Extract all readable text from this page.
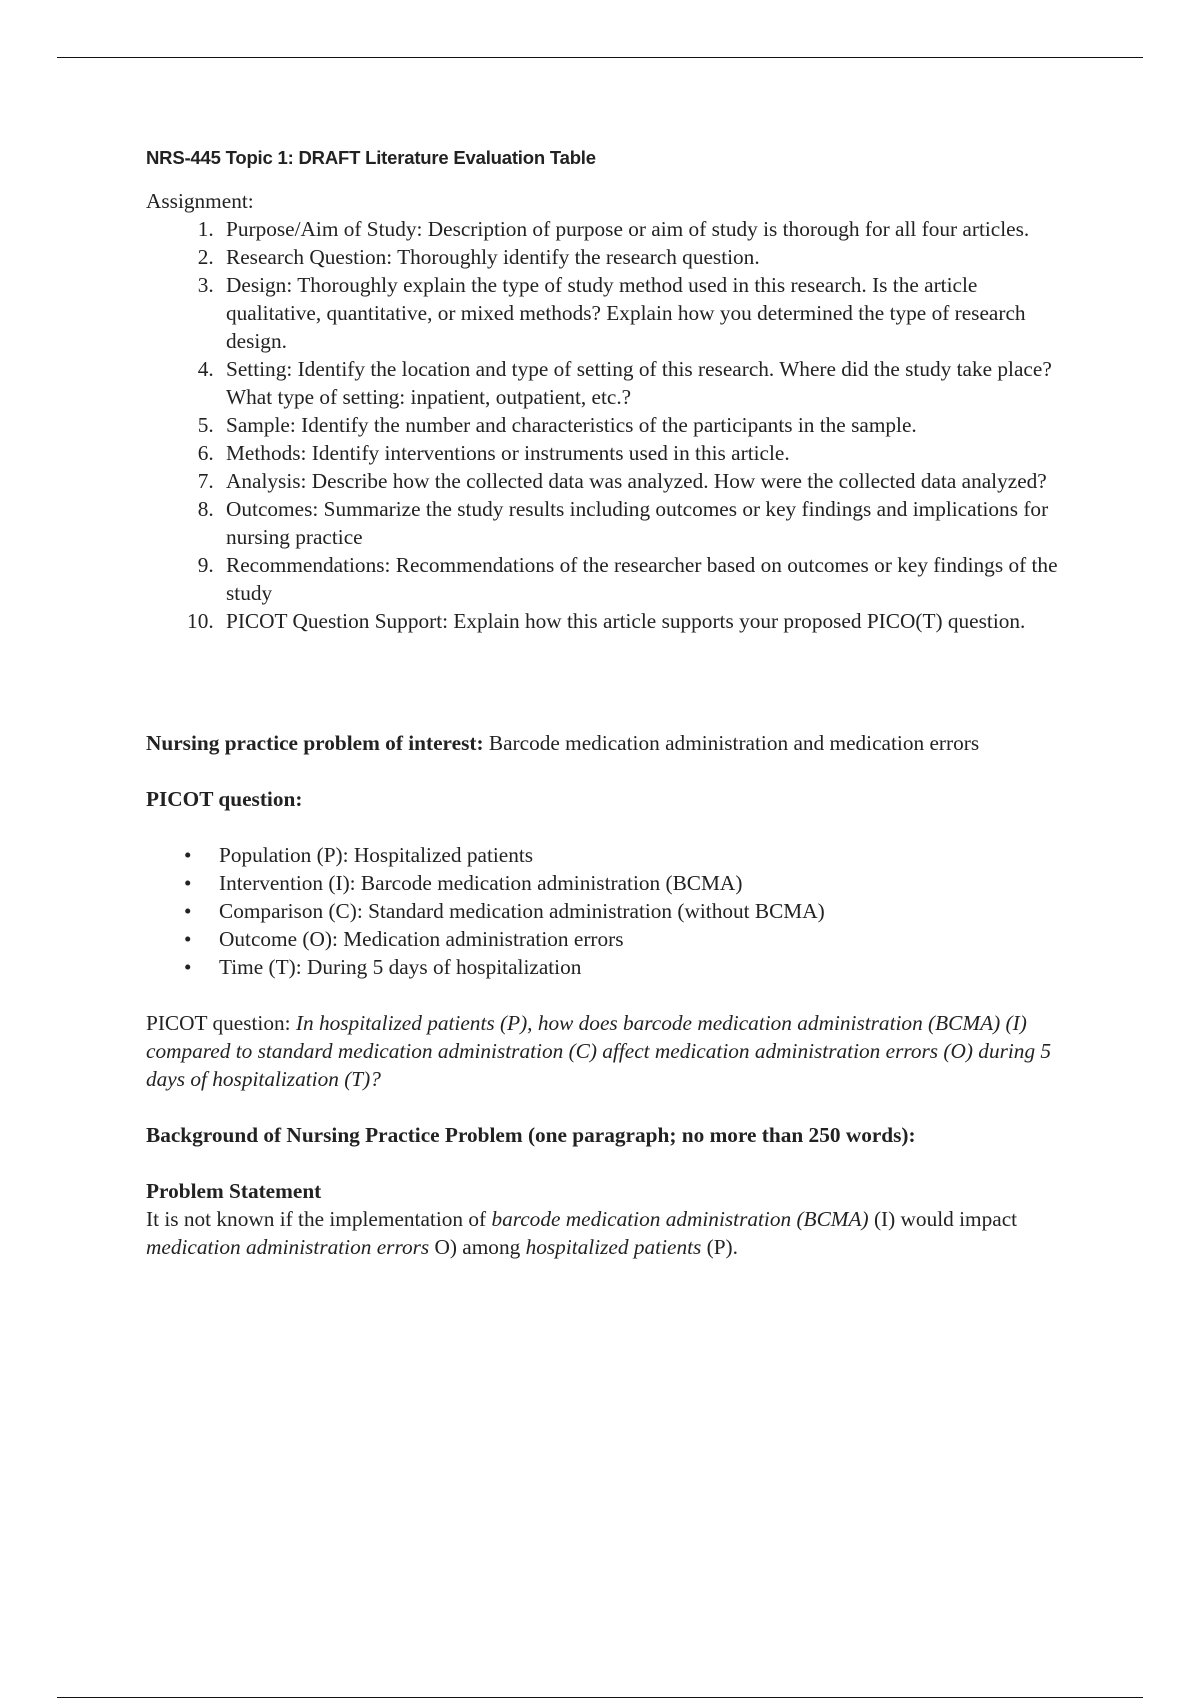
NRS-445 Topic 1: DRAFT Literature Evaluation Table

Assignment:

1. Purpose/Aim of Study: Description of purpose or aim of study is thorough for all four articles.
2. Research Question: Thoroughly identify the research question.
3. Design: Thoroughly explain the type of study method used in this research. Is the article qualitative, quantitative, or mixed methods? Explain how you determined the type of research design.
4. Setting: Identify the location and type of setting of this research. Where did the study take place? What type of setting: inpatient, outpatient, etc.?
5. Sample: Identify the number and characteristics of the participants in the sample.
6. Methods: Identify interventions or instruments used in this article.
7. Analysis: Describe how the collected data was analyzed. How were the collected data analyzed?
8. Outcomes: Summarize the study results including outcomes or key findings and implications for nursing practice
9. Recommendations: Recommendations of the researcher based on outcomes or key findings of the study
10. PICOT Question Support: Explain how this article supports your proposed PICO(T) question.

Nursing practice problem of interest: Barcode medication administration and medication errors

PICOT question:

• Population (P): Hospitalized patients
• Intervention (I): Barcode medication administration (BCMA)
• Comparison (C): Standard medication administration (without BCMA)
• Outcome (O): Medication administration errors
• Time (T): During 5 days of hospitalization

PICOT question: In hospitalized patients (P), how does barcode medication administration (BCMA) (I) compared to standard medication administration (C) affect medication administration errors (O) during 5 days of hospitalization (T)?

Background of Nursing Practice Problem (one paragraph; no more than 250 words):

Problem Statement

It is not known if the implementation of barcode medication administration (BCMA) (I) would impact medication administration errors O) among hospitalized patients (P).
